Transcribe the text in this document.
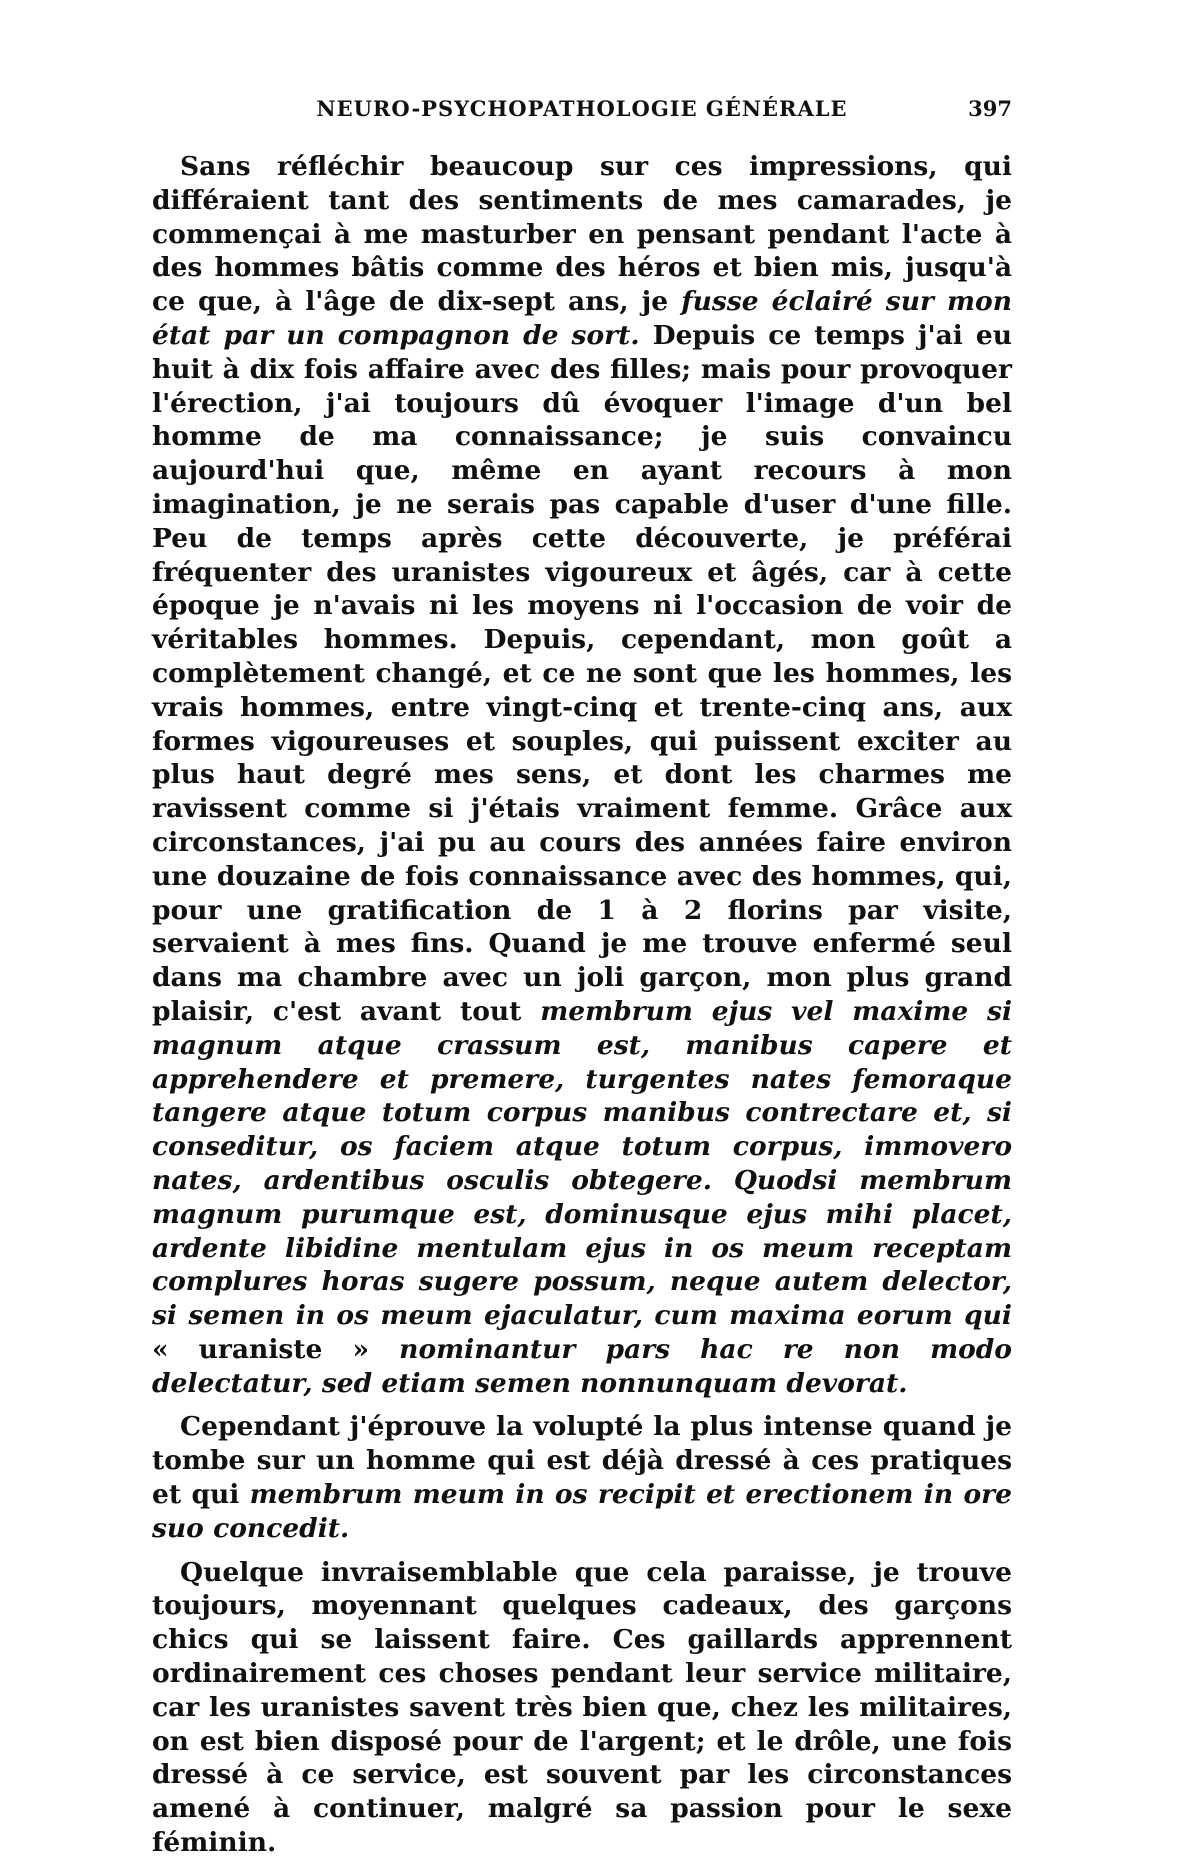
NEURO-PSYCHOPATHOLOGIE GÉNÉRALE	397

Sans réfléchir beaucoup sur ces impressions, qui différaient tant des sentiments de mes camarades, je commençai à me masturber en pensant pendant l'acte à des hommes bâtis comme des héros et bien mis, jusqu'à ce que, à l'âge de dix-sept ans, je fusse éclairé sur mon état par un compagnon de sort. Depuis ce temps j'ai eu huit à dix fois affaire avec des filles; mais pour provoquer l'érection, j'ai toujours dû évoquer l'image d'un bel homme de ma connaissance; je suis convaincu aujourd'hui que, même en ayant recours à mon imagination, je ne serais pas capable d'user d'une fille. Peu de temps après cette découverte, je préférai fréquenter des uranistes vigoureux et âgés, car à cette époque je n'avais ni les moyens ni l'occasion de voir de véritables hommes. Depuis, cependant, mon goût a complètement changé, et ce ne sont que les hommes, les vrais hommes, entre vingt-cinq et trente-cinq ans, aux formes vigoureuses et souples, qui puissent exciter au plus haut degré mes sens, et dont les charmes me ravissent comme si j'étais vraiment femme. Grâce aux circonstances, j'ai pu au cours des années faire environ une douzaine de fois connaissance avec des hommes, qui, pour une gratification de 1 à 2 florins par visite, servaient à mes fins. Quand je me trouve enfermé seul dans ma chambre avec un joli garçon, mon plus grand plaisir, c'est avant tout membrum ejus vel maxime si magnum atque crassum est, manibus capere et apprehendere et premere, turgentes nates femoraque tangere atque totum corpus manibus contrectare et, si conseditur, os faciem atque totum corpus, immovero nates, ardentibus osculis obtegere. Quodsi membrum magnum purumque est, dominusque ejus mihi placet, ardente libidine mentulam ejus in os meum receptam complures horas sugere possum, neque autem delector, si semen in os meum ejaculatur, cum maxima eorum qui « uraniste » nominantur pars hac re non modo delectatur, sed etiam semen nonnunquam devorat.

Cependant j'éprouve la volupté la plus intense quand je tombe sur un homme qui est déjà dressé à ces pratiques et qui membrum meum in os recipit et erectionem in ore suo concedit.

Quelque invraisemblable que cela paraisse, je trouve toujours, moyennant quelques cadeaux, des garçons chics qui se laissent faire. Ces gaillards apprennent ordinairement ces choses pendant leur service militaire, car les uranistes savent très bien que, chez les militaires, on est bien disposé pour de l'argent; et le drôle, une fois dressé à ce service, est souvent par les circonstances amené à continuer, malgré sa passion pour le sexe féminin.
